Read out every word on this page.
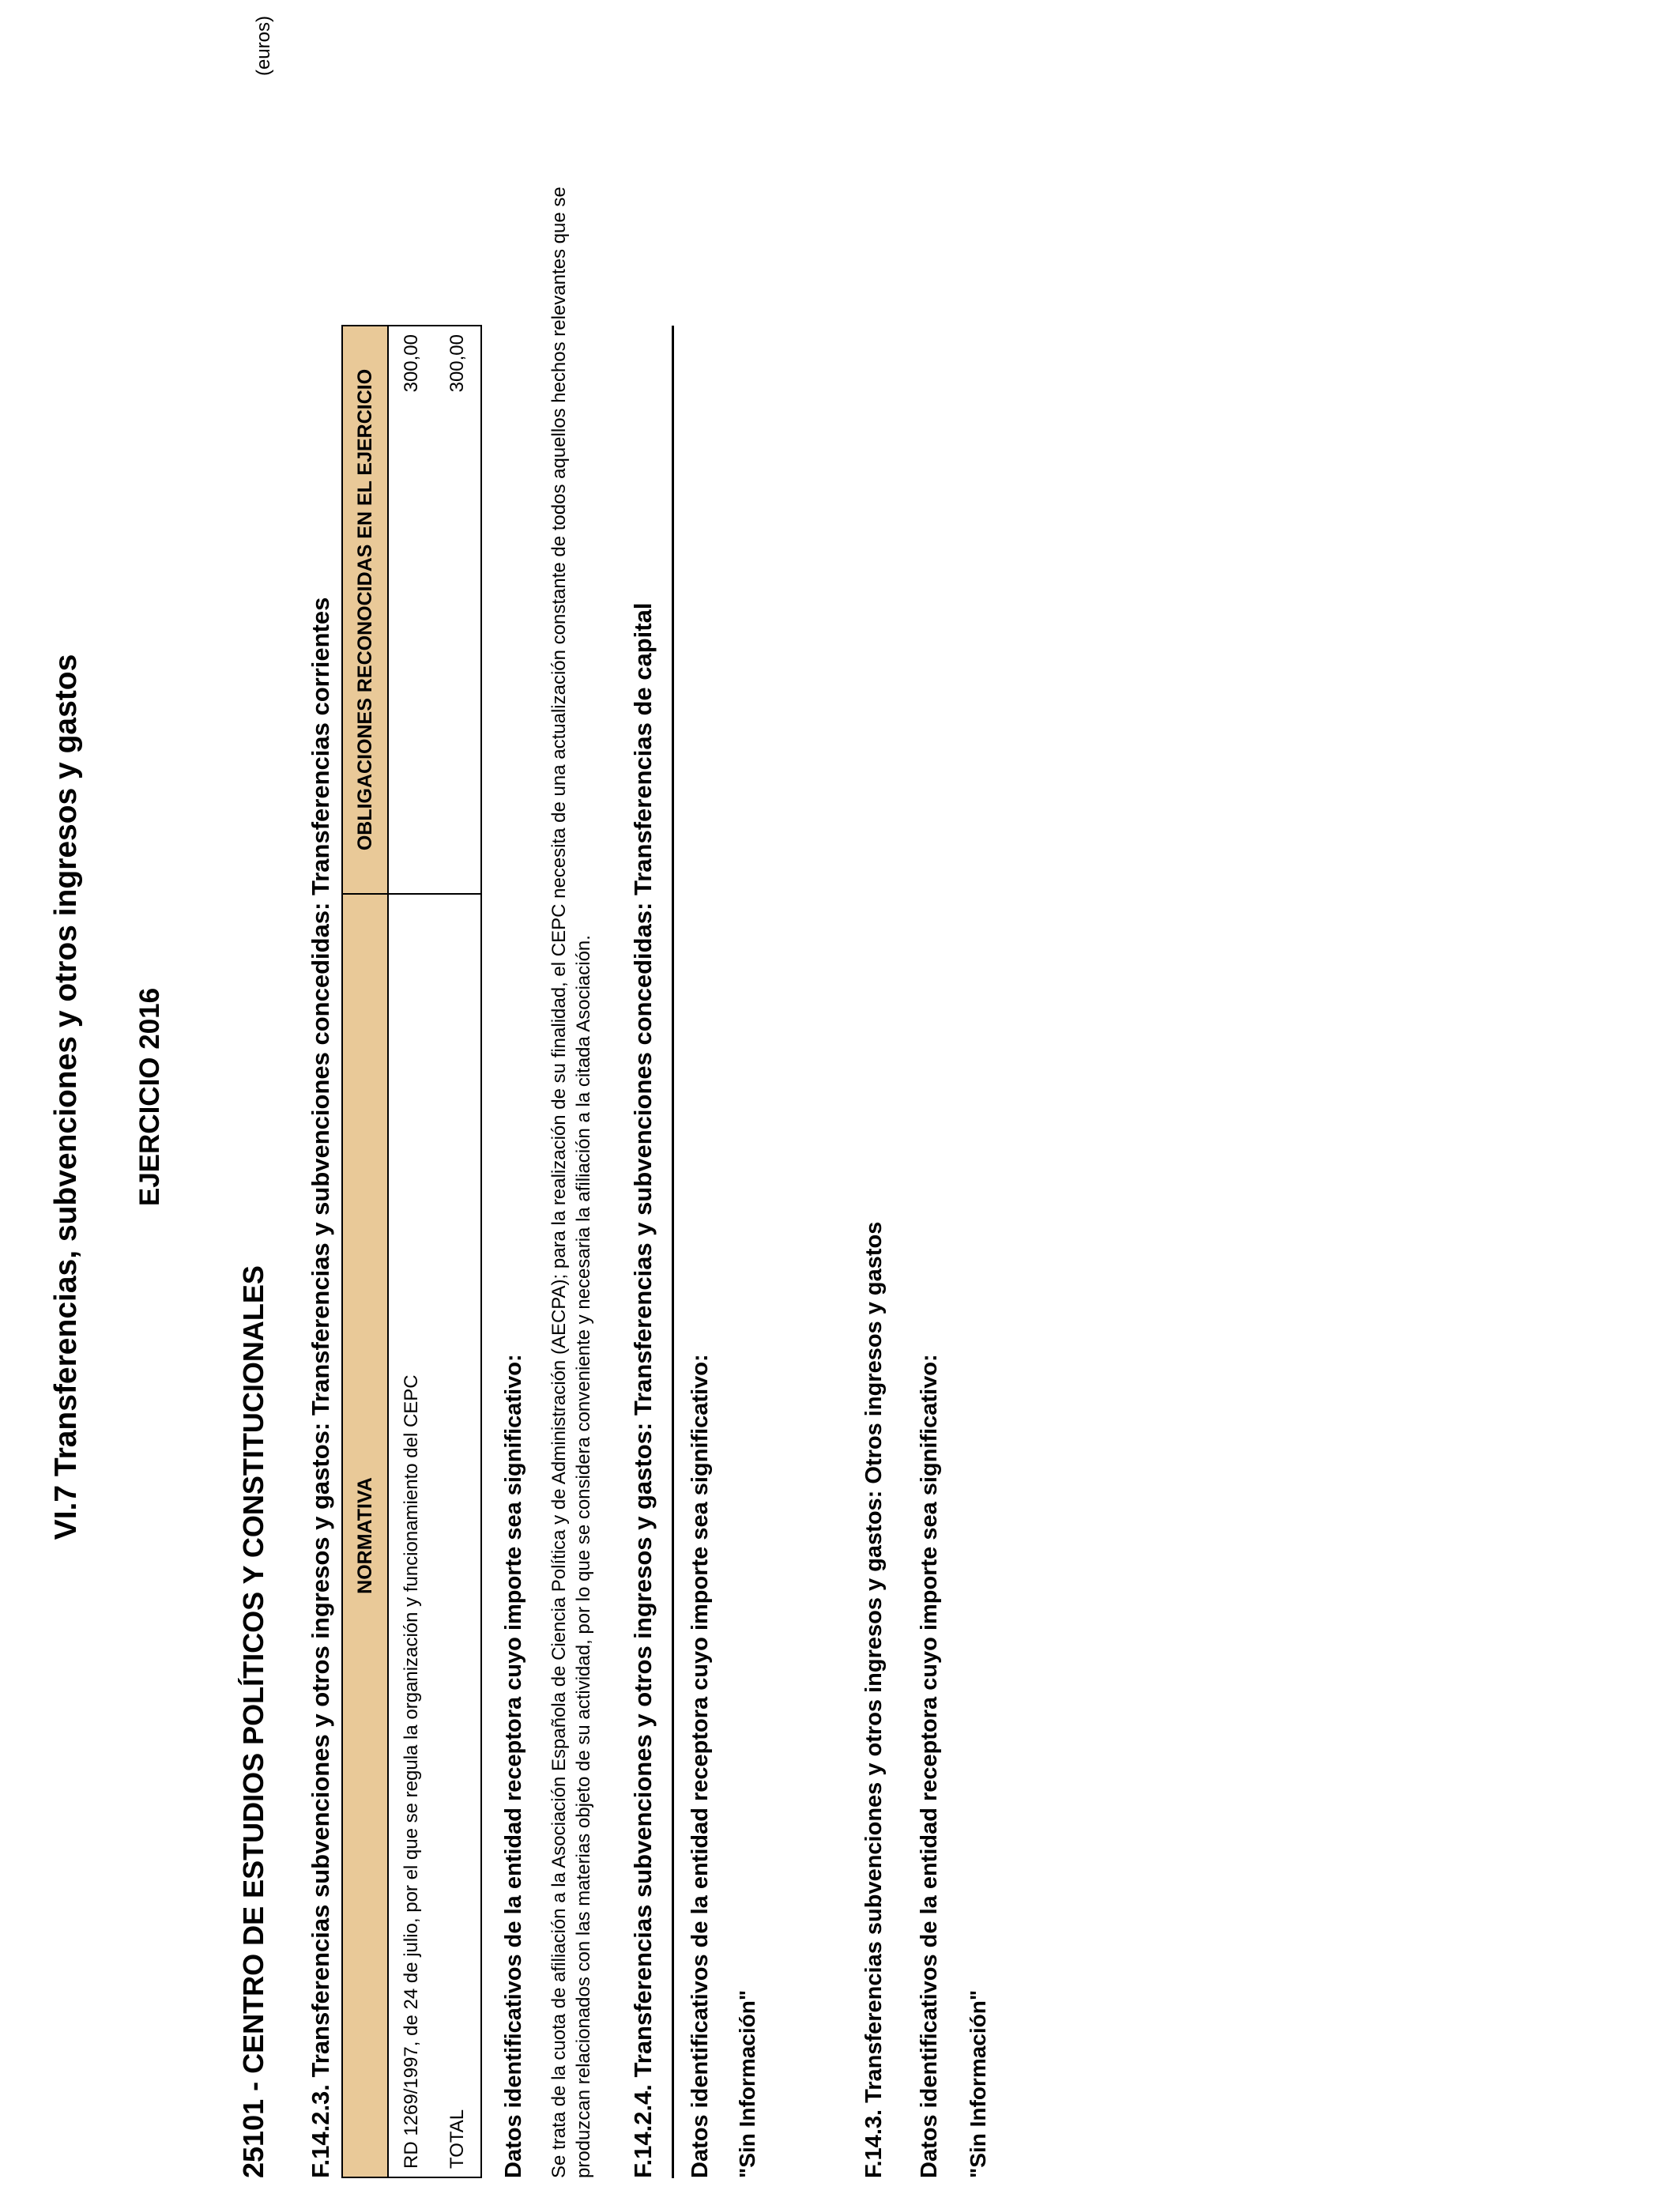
VI.7 Transferencias, subvenciones y otros ingresos y gastos EJERCICIO 2016
(euros)
25101 - CENTRO DE ESTUDIOS POLÍTICOS Y CONSTITUCIONALES F.14.2.3. Transferencias subvenciones y otros ingresos y gastos: Transferencias y subvenciones concedidas: Transferencias corrientes NORMATIVA
OBLIGACIONES RECONOCIDAS EN EL EJERCICIO
RD 1269/1997, de 24 de julio, por el que se regula la organización y funcionamiento del CEPC
300,00
TOTAL
300,00
Datos identificativos de la entidad receptora cuyo importe sea significativo: Se trata de la cuota de afiliación a la Asociación Española de Ciencia Política y de Administración (AECPA); para la realización de su finalidad, el CEPC necesita de una actualización constante de todos aquellos hechos relevantes que se produzcan relacionados con las materias objeto de su actividad, por lo que se considera conveniente y necesaria la afiliación a la citada Asociación. F.14.2.4. Transferencias subvenciones y otros ingresos y gastos: Transferencias y subvenciones concedidas: Transferencias de capital Datos identificativos de la entidad receptora cuyo importe sea significativo: "Sin Información"	F.14.3. Transferencias subvenciones y otros ingresos y gastos: Otros ingresos y gastos Datos identificativos de la entidad receptora cuyo importe sea significativo: "Sin Información"
